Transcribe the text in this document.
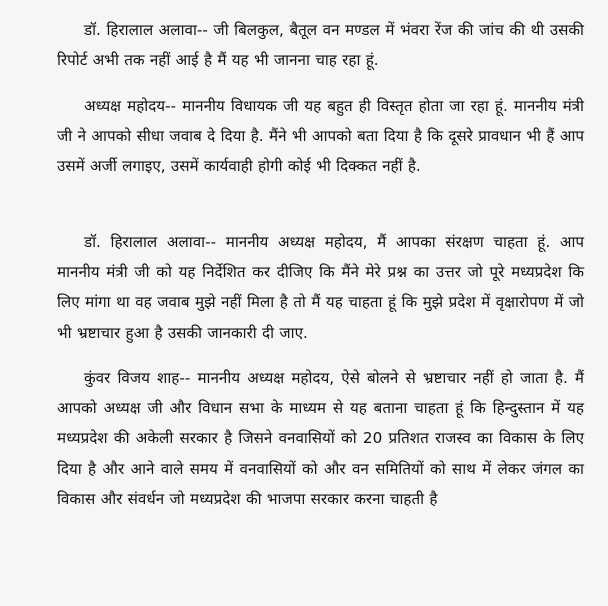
डॉ. हिरालाल अलावा-- जी बिलकुल, बैतूल वन मण्डल में भंवरा रेंज की जांच की थी उसकी रिपोर्ट अभी तक नहीं आई है मैं यह भी जानना चाह रहा हूं.

अध्यक्ष महोदय-- माननीय विधायक जी यह बहुत ही विस्तृत होता जा रहा हूं. माननीय मंत्री जी ने आपको सीधा जवाब दे दिया है. मैंने भी आपको बता दिया है कि दूसरे प्रावधान भी हैं आप उसमें अर्जी लगाइए, उसमें कार्यवाही होगी कोई भी दिक्कत नहीं है.

डॉ. हिरालाल अलावा-- माननीय अध्यक्ष महोदय, मैं आपका संरक्षण चाहता हूं. आप माननीय मंत्री जी को यह निर्देशित कर दीजिए कि मैंने मेरे प्रश्न का उत्तर जो पूरे मध्यप्रदेश कि लिए मांगा था वह जवाब मुझे नहीं मिला है तो मैं यह चाहता हूं कि मुझे प्रदेश में वृक्षारोपण में जो भी भ्रष्टाचार हुआ है उसकी जानकारी दी जाए.

कुंवर विजय शाह-- माननीय अध्यक्ष महोदय, ऐसे बोलने से भ्रष्टाचार नहीं हो जाता है. मैं आपको अध्यक्ष जी और विधान सभा के माध्यम से यह बताना चाहता हूं कि हिन्दुस्तान में यह मध्यप्रदेश की अकेली सरकार है जिसने वनवासियों को 20 प्रतिशत राजस्व का विकास के लिए दिया है और आने वाले समय में वनवासियों को और वन समितियों को साथ में लेकर जंगल का विकास और संवर्धन जो मध्यप्रदेश की भाजपा सरकार करना चाहती है
